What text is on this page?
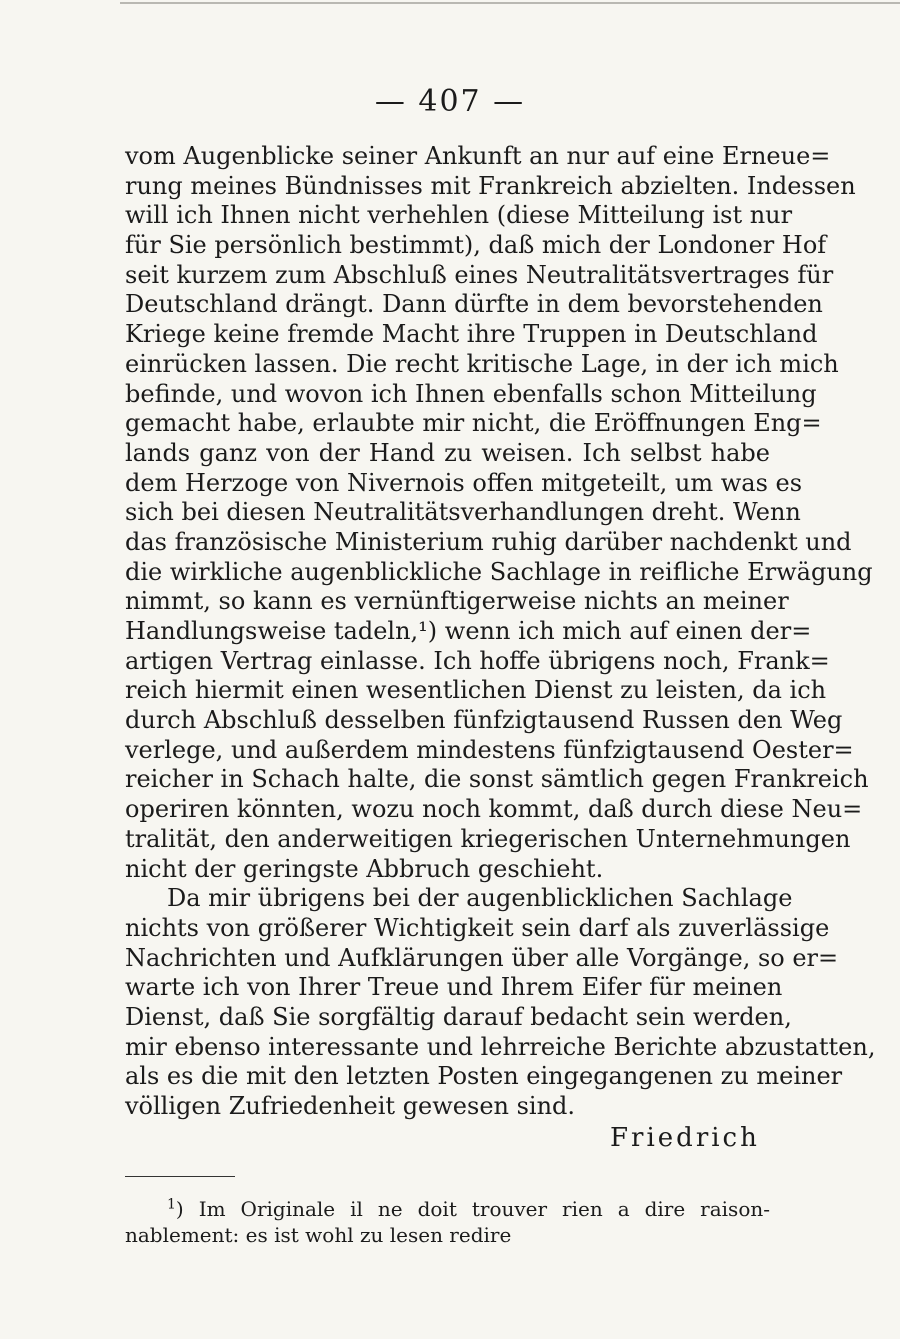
— 407 —
vom Augenblicke seiner Ankunft an nur auf eine Erneue=
rung meines Bündnisses mit Frankreich abzielten. Indessen
will ich Ihnen nicht verhehlen (diese Mitteilung ist nur
für Sie persönlich bestimmt), daß mich der Londoner Hof
seit kurzem zum Abschluß eines Neutralitätsvertrages für
Deutschland drängt. Dann dürfte in dem bevorstehenden
Kriege keine fremde Macht ihre Truppen in Deutschland
einrücken lassen. Die recht kritische Lage, in der ich mich
befinde, und wovon ich Ihnen ebenfalls schon Mitteilung
gemacht habe, erlaubte mir nicht, die Eröffnungen Eng=
lands ganz von der Hand zu weisen. Ich selbst habe
dem Herzoge von Nivernois offen mitgeteilt, um was es
sich bei diesen Neutralitätsverhandlungen dreht. Wenn
das französische Ministerium ruhig darüber nachdenkt und
die wirkliche augenblickliche Sachlage in reifliche Erwägung
nimmt, so kann es vernünftigerweise nichts an meiner
Handlungsweise tadeln,¹) wenn ich mich auf einen der=
artigen Vertrag einlasse. Ich hoffe übrigens noch, Frank=
reich hiermit einen wesentlichen Dienst zu leisten, da ich
durch Abschluß desselben fünfzigtausend Russen den Weg
verlege, und außerdem mindestens fünfzigtausend Oester=
reicher in Schach halte, die sonst sämtlich gegen Frankreich
operiren könnten, wozu noch kommt, daß durch diese Neu=
tralität, den anderweitigen kriegerischen Unternehmungen
nicht der geringste Abbruch geschieht.
Da mir übrigens bei der augenblicklichen Sachlage
nichts von größerer Wichtigkeit sein darf als zuverlässige
Nachrichten und Aufklärungen über alle Vorgänge, so er=
warte ich von Ihrer Treue und Ihrem Eifer für meinen
Dienst, daß Sie sorgfältig darauf bedacht sein werden,
mir ebenso interessante und lehrreiche Berichte abzustatten,
als es die mit den letzten Posten eingegangenen zu meiner
völligen Zufriedenheit gewesen sind.
Friedrich
$^1$) Im Originale il ne doit trouver rien a dire raison-
nablement: es ist wohl zu lesen redire
